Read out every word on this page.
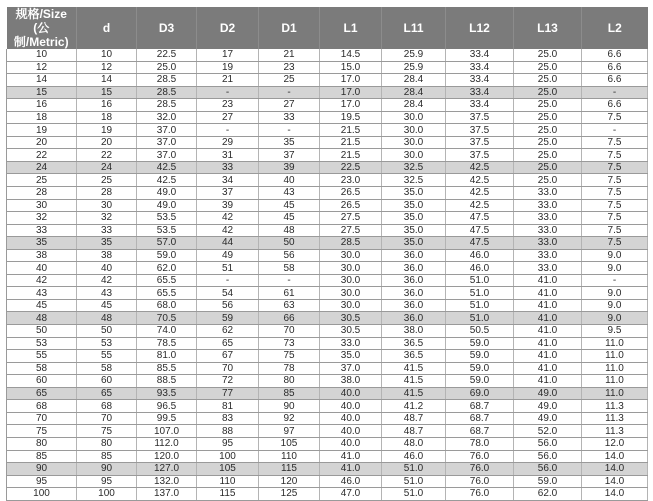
规格/Size
(公制/Metric)	d	D3	D2	D1	L1	L11	L12	L13	L2
10	10	22.5	17	21	14.5	25.9	33.4	25.0	6.6
12	12	25.0	19	23	15.0	25.9	33.4	25.0	6.6
14	14	28.5	21	25	17.0	28.4	33.4	25.0	6.6
15	15	28.5	-	-	17.0	28.4	33.4	25.0	-
16	16	28.5	23	27	17.0	28.4	33.4	25.0	6.6
18	18	32.0	27	33	19.5	30.0	37.5	25.0	7.5
19	19	37.0	-	-	21.5	30.0	37.5	25.0	-
20	20	37.0	29	35	21.5	30.0	37.5	25.0	7.5
22	22	37.0	31	37	21.5	30.0	37.5	25.0	7.5
24	24	42.5	33	39	22.5	32.5	42.5	25.0	7.5
25	25	42.5	34	40	23.0	32.5	42.5	25.0	7.5
28	28	49.0	37	43	26.5	35.0	42.5	33.0	7.5
30	30	49.0	39	45	26.5	35.0	42.5	33.0	7.5
32	32	53.5	42	45	27.5	35.0	47.5	33.0	7.5
33	33	53.5	42	48	27.5	35.0	47.5	33.0	7.5
35	35	57.0	44	50	28.5	35.0	47.5	33.0	7.5
38	38	59.0	49	56	30.0	36.0	46.0	33.0	9.0
40	40	62.0	51	58	30.0	36.0	46.0	33.0	9.0
42	42	65.5	-	-	30.0	36.0	51.0	41.0	-
43	43	65.5	54	61	30.0	36.0	51.0	41.0	9.0
45	45	68.0	56	63	30.0	36.0	51.0	41.0	9.0
48	48	70.5	59	66	30.5	36.0	51.0	41.0	9.0
50	50	74.0	62	70	30.5	38.0	50.5	41.0	9.5
53	53	78.5	65	73	33.0	36.5	59.0	41.0	11.0
55	55	81.0	67	75	35.0	36.5	59.0	41.0	11.0
58	58	85.5	70	78	37.0	41.5	59.0	41.0	11.0
60	60	88.5	72	80	38.0	41.5	59.0	41.0	11.0
65	65	93.5	77	85	40.0	41.5	69.0	49.0	11.0
68	68	96.5	81	90	40.0	41.2	68.7	49.0	11.3
70	70	99.5	83	92	40.0	48.7	68.7	49.0	11.3
75	75	107.0	88	97	40.0	48.7	68.7	52.0	11.3
80	80	112.0	95	105	40.0	48.0	78.0	56.0	12.0
85	85	120.0	100	110	41.0	46.0	76.0	56.0	14.0
90	90	127.0	105	115	41.0	51.0	76.0	56.0	14.0
95	95	132.0	110	120	46.0	51.0	76.0	59.0	14.0
100	100	137.0	115	125	47.0	51.0	76.0	62.0	14.0
